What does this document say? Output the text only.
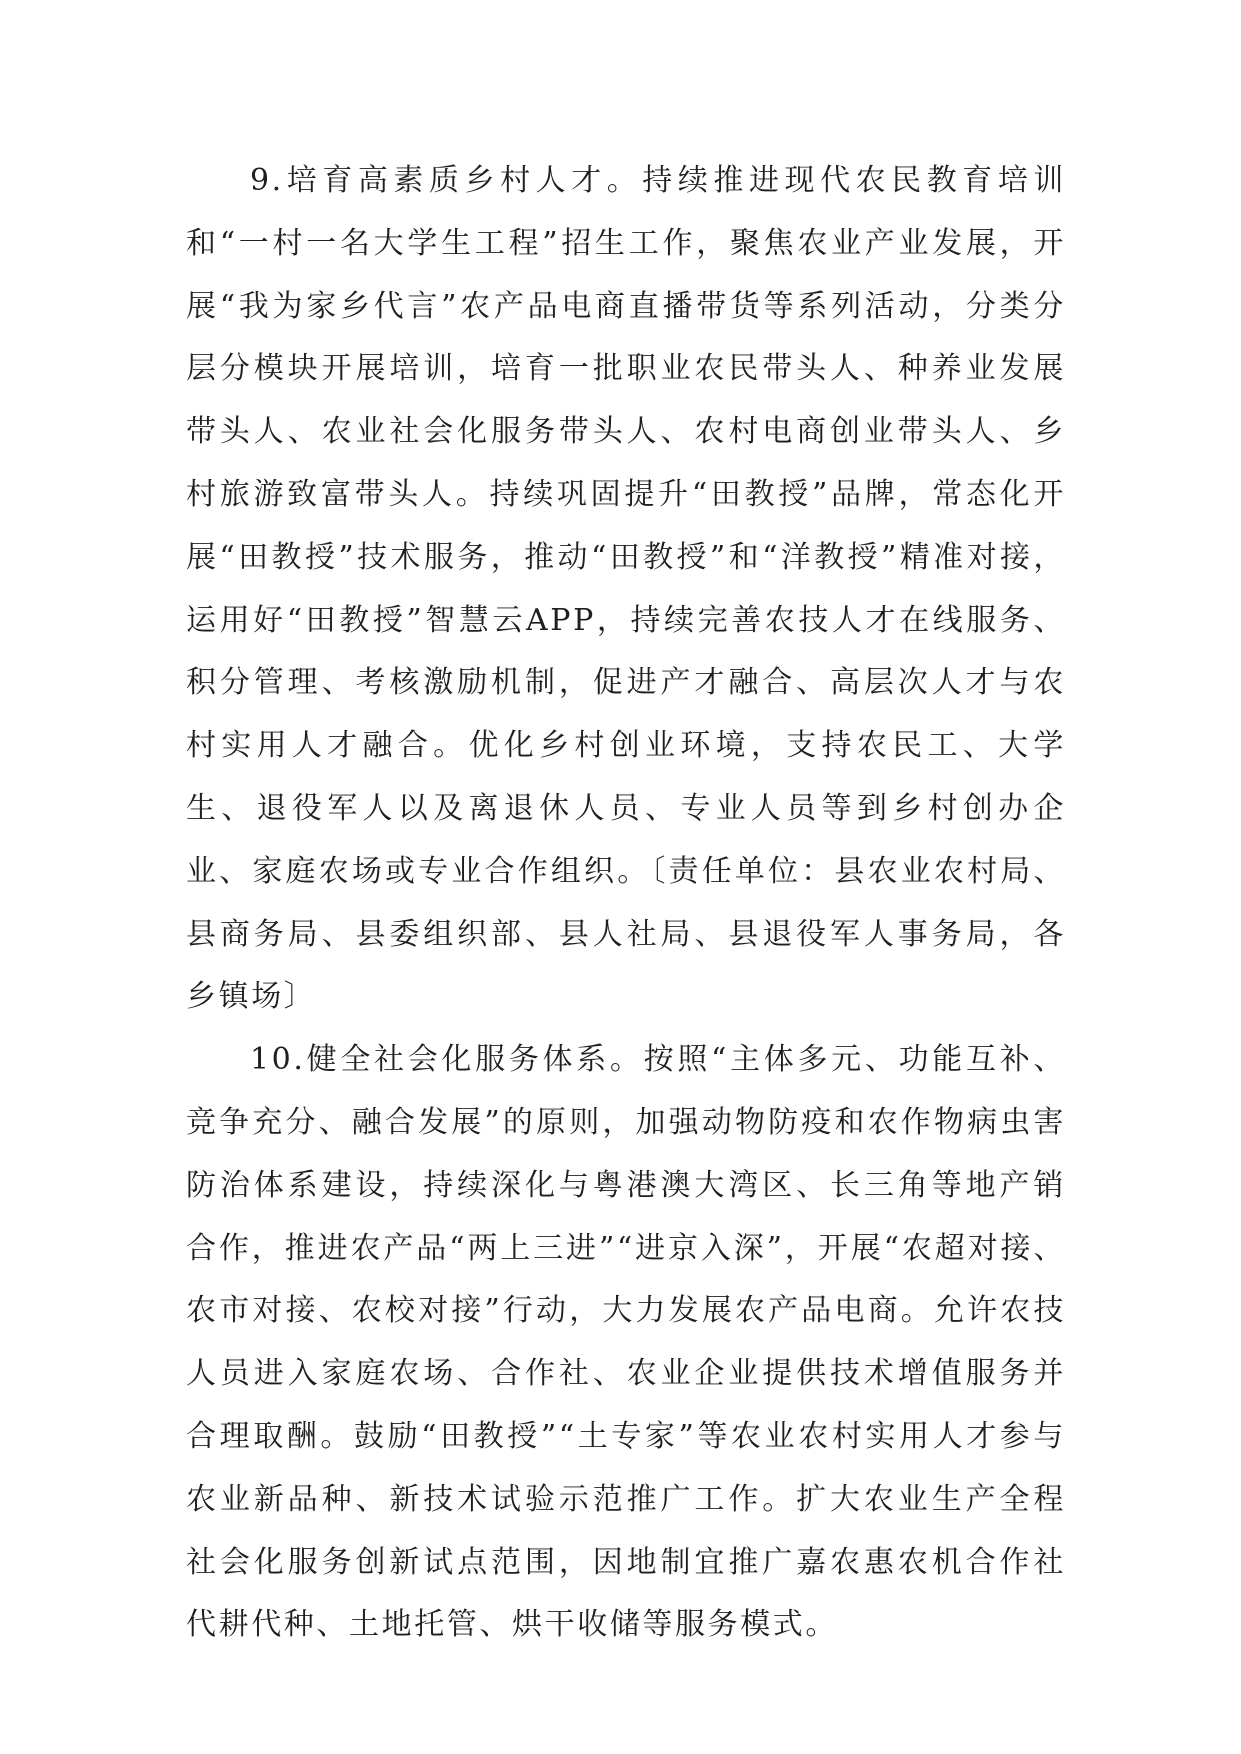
9.培育高素质乡村人才。持续推进现代农民教育培训和“一村一名大学生工程”招生工作，聚焦农业产业发展，开展“我为家乡代言”农产品电商直播带货等系列活动，分类分层分模块开展培训，培育一批职业农民带头人、种养业发展带头人、农业社会化服务带头人、农村电商创业带头人、乡村旅游致富带头人。持续巩固提升“田教授”品牌，常态化开展“田教授”技术服务，推动“田教授”和“洋教授”精准对接，运用好“田教授”智慧云APP，持续完善农技人才在线服务、积分管理、考核激励机制，促进产才融合、高层次人才与农村实用人才融合。优化乡村创业环境，支持农民工、大学生、退役军人以及离退休人员、专业人员等到乡村创办企业、家庭农场或专业合作组织。〔责任单位：县农业农村局、县商务局、县委组织部、县人社局、县退役军人事务局，各乡镇场〕

10.健全社会化服务体系。按照“主体多元、功能互补、竞争充分、融合发展”的原则，加强动物防疫和农作物病虫害防治体系建设，持续深化与粤港澳大湾区、长三角等地产销合作，推进农产品“两上三进”“进京入深”，开展“农超对接、农市对接、农校对接”行动，大力发展农产品电商。允许农技人员进入家庭农场、合作社、农业企业提供技术增值服务并合理取酬。鼓励“田教授”“土专家”等农业农村实用人才参与农业新品种、新技术试验示范推广工作。扩大农业生产全程社会化服务创新试点范围，因地制宜推广嘉农惠农机合作社代耕代种、土地托管、烘干收储等服务模式。
